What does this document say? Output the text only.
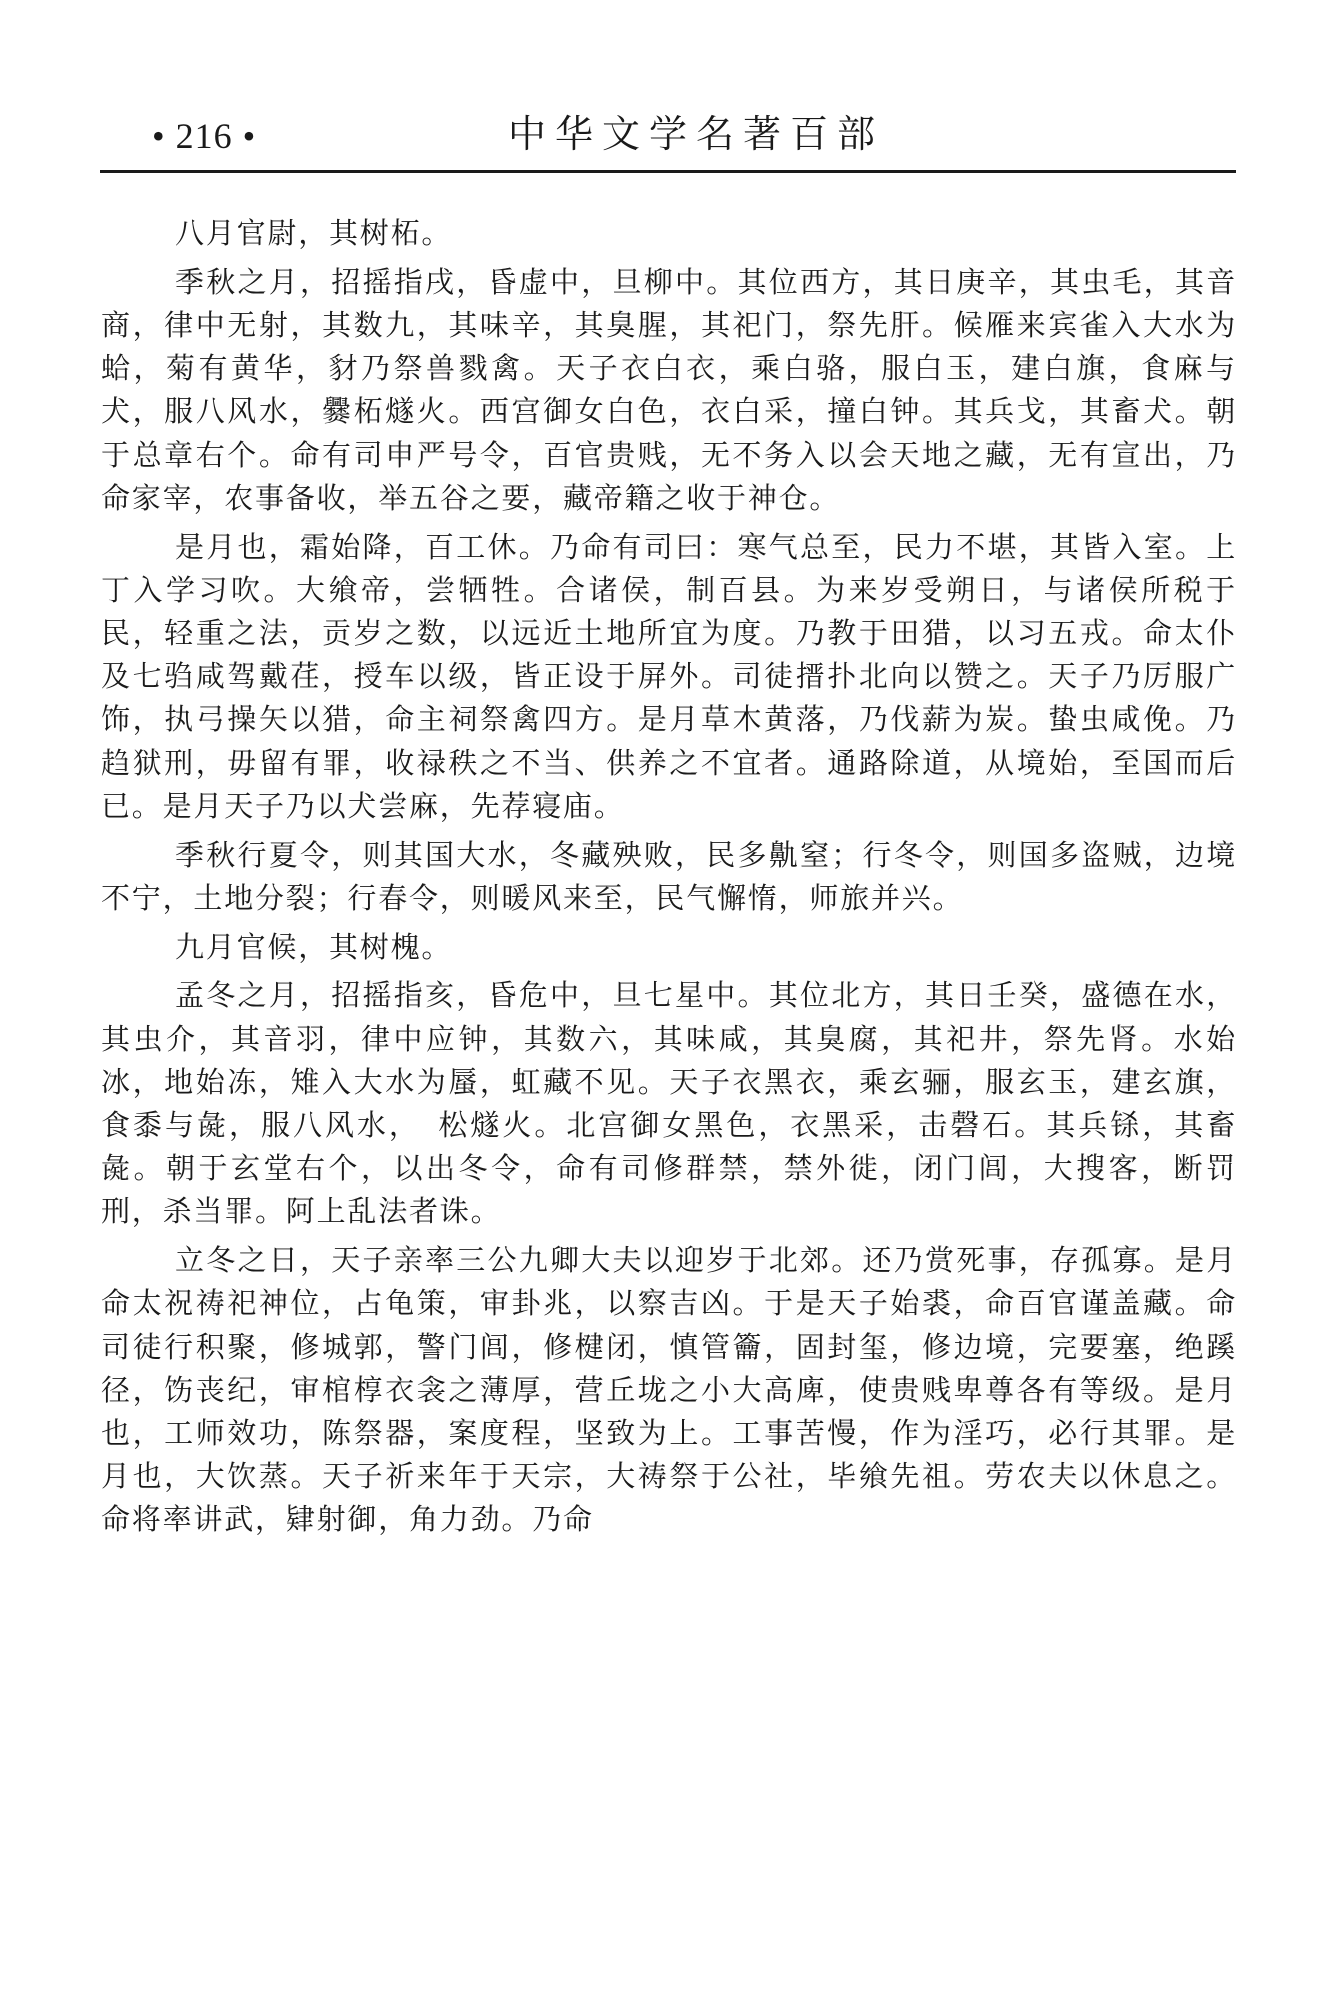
• 216 •	中华文学名著百部

八月官尉，其树柘。

季秋之月，招摇指戌，昏虚中，旦柳中。其位西方，其日庚辛，其虫毛，其音商，律中无射，其数九，其味辛，其臭腥，其祀门，祭先肝。候雁来宾雀入大水为蛤，菊有黄华，豺乃祭兽戮禽。天子衣白衣，乘白骆，服白玉，建白旗，食麻与犬，服八风水，爨柘燧火。西宫御女白色，衣白采，撞白钟。其兵戈，其畜犬。朝于总章右个。命有司申严号令，百官贵贱，无不务入以会天地之藏，无有宣出，乃命家宰，农事备收，举五谷之要，藏帝籍之收于神仓。

是月也，霜始降，百工休。乃命有司曰：寒气总至，民力不堪，其皆入室。上丁入学习吹。大飨帝，尝牺牲。合诸侯，制百县。为来岁受朔日，与诸侯所税于民，轻重之法，贡岁之数，以远近土地所宜为度。乃教于田猎，以习五戎。命太仆及七驺咸驾戴荏，授车以级，皆正设于屏外。司徒搢扑北向以赞之。天子乃厉服广饰，执弓操矢以猎，命主祠祭禽四方。是月草木黄落，乃伐薪为炭。蛰虫咸俛。乃趋狱刑，毋留有罪，收禄秩之不当、供养之不宜者。通路除道，从境始，至国而后已。是月天子乃以犬尝麻，先荐寝庙。

季秋行夏令，则其国大水，冬藏殃败，民多鼽窒；行冬令，则国多盗贼，边境不宁，土地分裂；行春令，则暖风来至，民气懈惰，师旅并兴。

九月官候，其树槐。

孟冬之月，招摇指亥，昏危中，旦七星中。其位北方，其日壬癸，盛德在水，其虫介，其音羽，律中应钟，其数六，其味咸，其臭腐，其祀井，祭先肾。水始冰，地始冻，雉入大水为蜃，虹藏不见。天子衣黑衣，乘玄骊，服玄玉，建玄旗，食黍与彘，服八风水，　松燧火。北宫御女黑色，衣黑采，击磬石。其兵铩，其畜彘。朝于玄堂右个，以出冬令，命有司修群禁，禁外徙，闭门闾，大搜客，断罚刑，杀当罪。阿上乱法者诛。

立冬之日，天子亲率三公九卿大夫以迎岁于北郊。还乃赏死事，存孤寡。是月命太祝祷祀神位，占龟策，审卦兆，以察吉凶。于是天子始裘，命百官谨盖藏。命司徒行积聚，修城郭，警门闾，修楗闭，慎管籥，固封玺，修边境，完要塞，绝蹊径，饬丧纪，审棺椁衣衾之薄厚，营丘垅之小大高庳，使贵贱卑尊各有等级。是月也，工师效功，陈祭器，案度程，坚致为上。工事苦慢，作为淫巧，必行其罪。是月也，大饮蒸。天子祈来年于天宗，大祷祭于公社，毕飨先祖。劳农夫以休息之。命将率讲武，肄射御，角力劲。乃命
